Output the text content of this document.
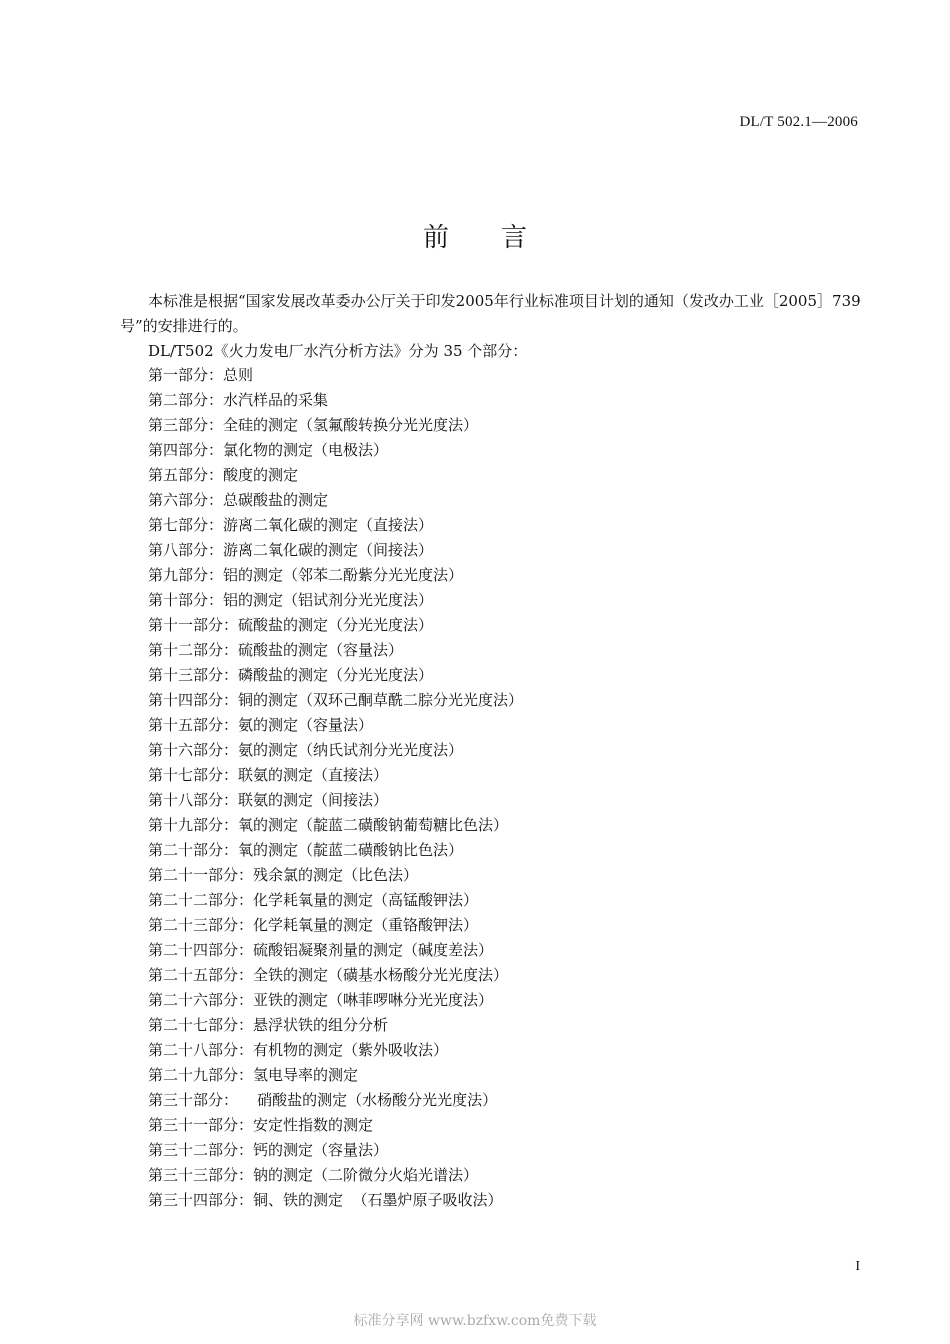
DL/T 502.1—2006
前言

本标准是根据“国家发展改革委办公厅关于印发2005年行业标准项目计划的通知（发改办工业［2005］739号”的安排进行的。

DL/T502《火力发电厂水汽分析方法》分为 35 个部分：

第一部分：总则
第二部分：水汽样品的采集
第三部分：全硅的测定（氢氟酸转换分光光度法）
第四部分：氯化物的测定（电极法）
第五部分：酸度的测定
第六部分：总碳酸盐的测定
第七部分：游离二氧化碳的测定（直接法）
第八部分：游离二氧化碳的测定（间接法）
第九部分：铝的测定（邻苯二酚紫分光光度法）
第十部分：铝的测定（铝试剂分光光度法）
第十一部分：硫酸盐的测定（分光光度法）
第十二部分：硫酸盐的测定（容量法）
第十三部分：磷酸盐的测定（分光光度法）
第十四部分：铜的测定（双环己酮草酰二腙分光光度法）
第十五部分：氨的测定（容量法）
第十六部分：氨的测定（纳氏试剂分光光度法）
第十七部分：联氨的测定（直接法）
第十八部分：联氨的测定（间接法）
第十九部分：氧的测定（靛蓝二磺酸钠葡萄糖比色法）
第二十部分：氧的测定（靛蓝二磺酸钠比色法）
第二十一部分：残余氯的测定（比色法）
第二十二部分：化学耗氧量的测定（高锰酸钾法）
第二十三部分：化学耗氧量的测定（重铬酸钾法）
第二十四部分：硫酸铝凝聚剂量的测定（碱度差法）
第二十五部分：全铁的测定（磺基水杨酸分光光度法）
第二十六部分：亚铁的测定（啉菲啰啉分光光度法）
第二十七部分：悬浮状铁的组分分析
第二十八部分：有机物的测定（紫外吸收法）
第二十九部分：氢电导率的测定
第三十部分：    硝酸盐的测定（水杨酸分光光度法）
第三十一部分：安定性指数的测定
第三十二部分：钙的测定（容量法）
第三十三部分：钠的测定（二阶微分火焰光谱法）
第三十四部分：铜、铁的测定  （石墨炉原子吸收法）
I
标准分享网 www.bzfxw.com免费下载
